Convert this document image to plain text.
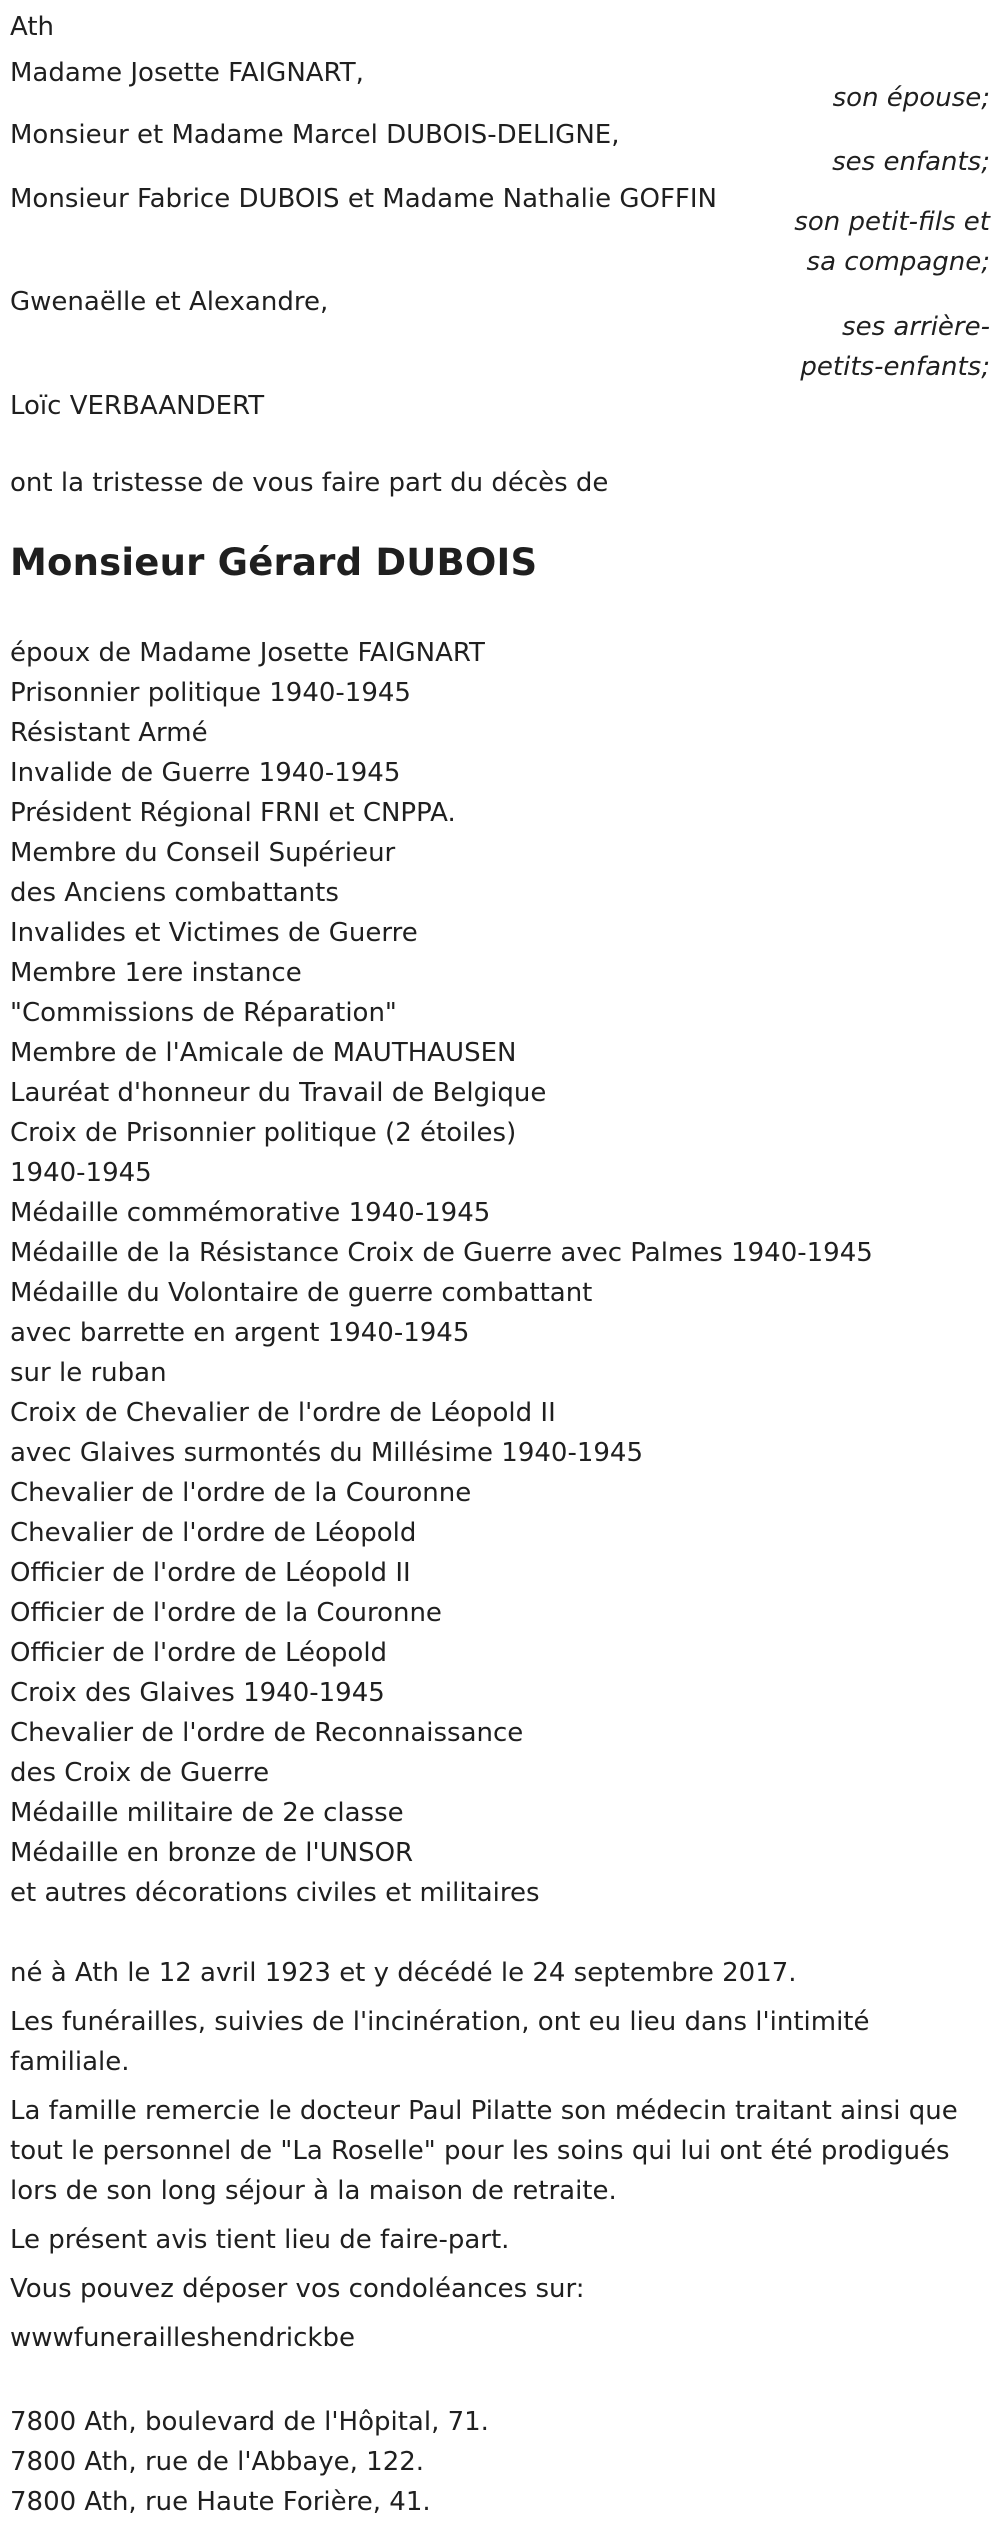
Ath
Madame Josette FAIGNART,
son épouse;
Monsieur et Madame Marcel DUBOIS-DELIGNE,
ses enfants;
Monsieur Fabrice DUBOIS et Madame Nathalie GOFFIN
son petit-fils et sa compagne;
Gwenaëlle et Alexandre,
ses arrière-petits-enfants;
Loïc VERBAANDERT
ont la tristesse de vous faire part du décès de
Monsieur Gérard DUBOIS
époux de Madame Josette FAIGNART
Prisonnier politique 1940-1945
Résistant Armé
Invalide de Guerre 1940-1945
Président Régional FRNI et CNPPA.
Membre du Conseil Supérieur
des Anciens combattants
Invalides et Victimes de Guerre
Membre 1ere instance
"Commissions de Réparation"
Membre de l'Amicale de MAUTHAUSEN
Lauréat d'honneur du Travail de Belgique
Croix de Prisonnier politique (2 étoiles)
1940-1945
Médaille commémorative 1940-1945
Médaille de la Résistance Croix de Guerre avec Palmes 1940-1945
Médaille du Volontaire de guerre combattant
avec barrette en argent 1940-1945
sur le ruban
Croix de Chevalier de l'ordre de Léopold II
avec Glaives surmontés du Millésime 1940-1945
Chevalier de l'ordre de la Couronne
Chevalier de l'ordre de Léopold
Officier de l'ordre de Léopold II
Officier de l'ordre de la Couronne
Officier de l'ordre de Léopold
Croix des Glaives 1940-1945
Chevalier de l'ordre de Reconnaissance
des Croix de Guerre
Médaille militaire de 2e classe
Médaille en bronze de l'UNSOR
et autres décorations civiles et militaires

né à Ath le 12 avril 1923 et y décédé le 24 septembre 2017.

Les funérailles, suivies de l'incinération, ont eu lieu dans l'intimité familiale.

La famille remercie le docteur Paul Pilatte son médecin traitant ainsi que tout le personnel de "La Roselle" pour les soins qui lui ont été prodigués lors de son long séjour à la maison de retraite.

Le présent avis tient lieu de faire-part.

Vous pouvez déposer vos condoléances sur:

wwwfunerailleshendrickbe

7800 Ath, boulevard de l'Hôpital, 71.
7800 Ath, rue de l'Abbaye, 122.
7800 Ath, rue Haute Forière, 41.
